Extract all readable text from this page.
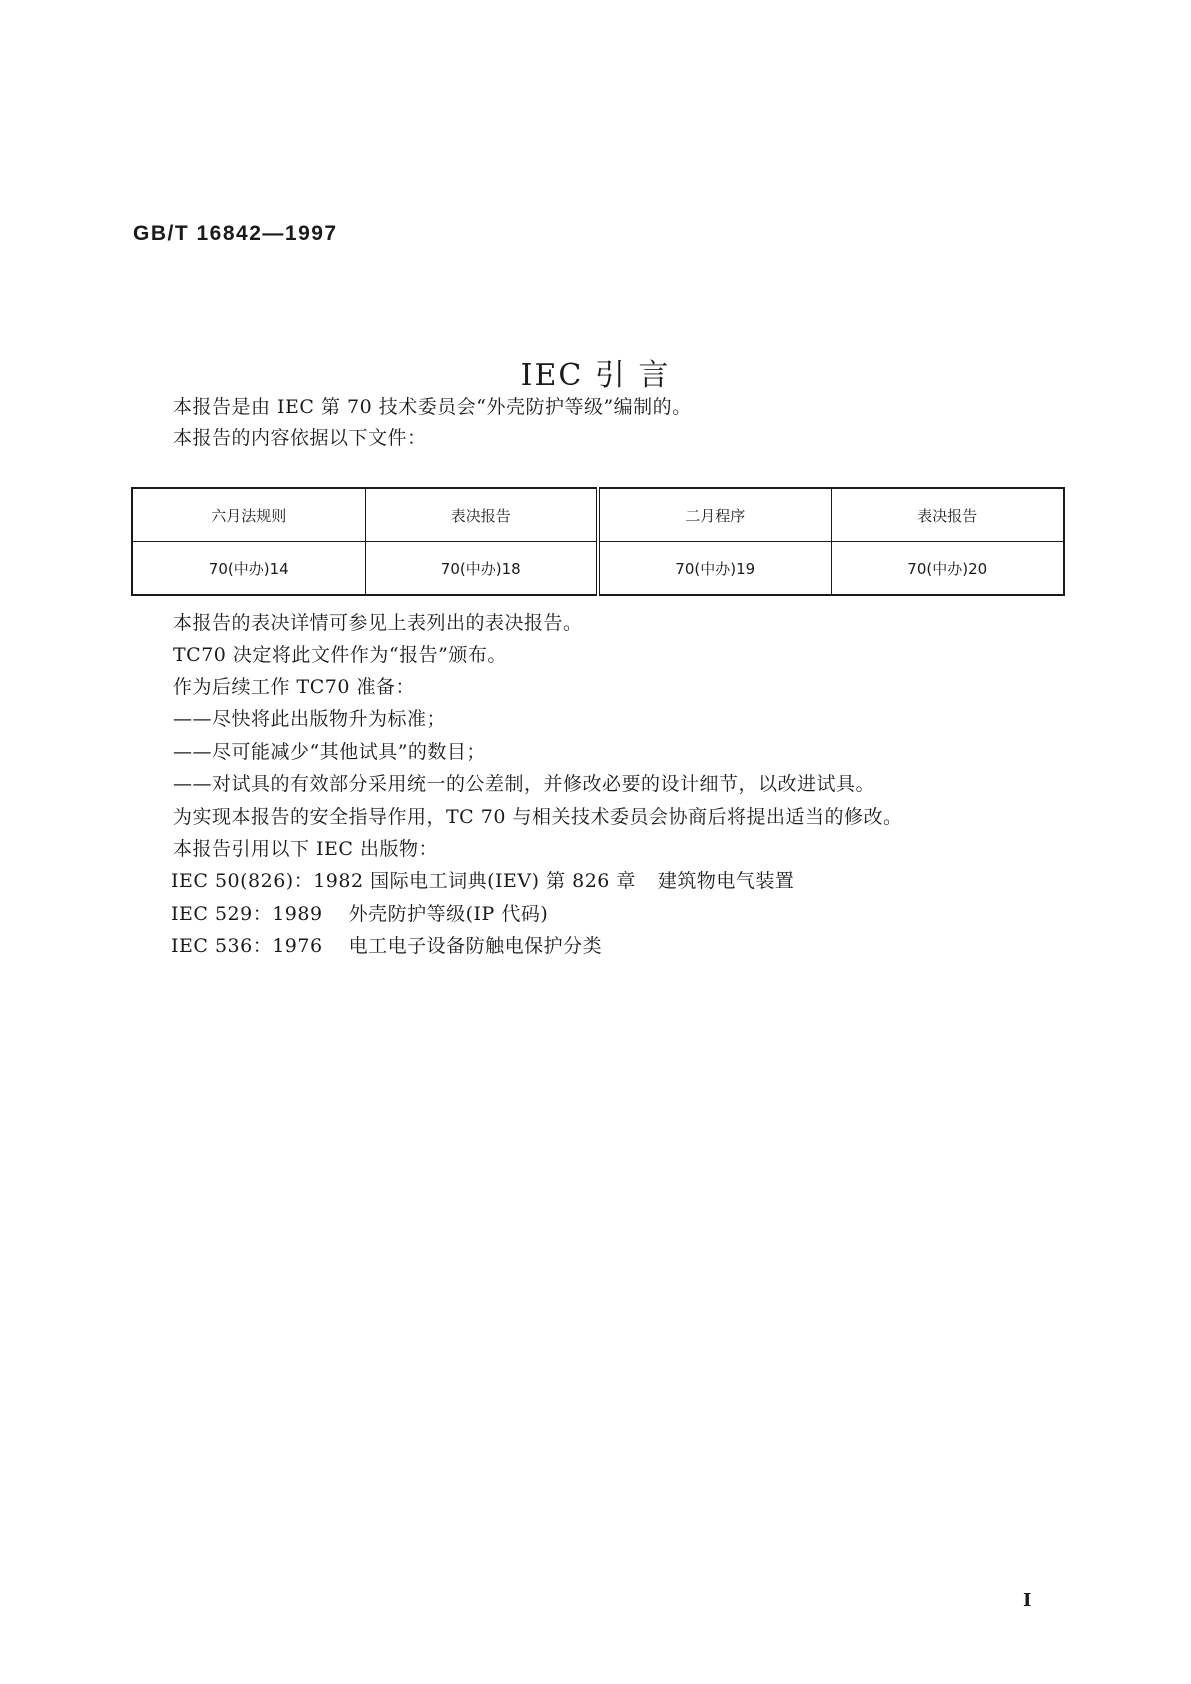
GB/T 16842—1997
IEC 引 言
本报告是由 IEC 第 70 技术委员会“外壳防护等级”编制的。
本报告的内容依据以下文件：
六月法规则	表决报告	二月程序	表决报告
70(中办)14	70(中办)18	70(中办)19	70(中办)20
本报告的表决详情可参见上表列出的表决报告。
TC70 决定将此文件作为“报告”颁布。
作为后续工作 TC70 准备：
——尽快将此出版物升为标准；
——尽可能减少“其他试具”的数目；
——对试具的有效部分采用统一的公差制，并修改必要的设计细节，以改进试具。
为实现本报告的安全指导作用，TC 70 与相关技术委员会协商后将提出适当的修改。
本报告引用以下 IEC 出版物：
IEC 50(826)：1982 国际电工词典(IEV) 第 826 章 建筑物电气装置
IEC 529：1989 外壳防护等级(IP 代码)
IEC 536：1976 电工电子设备防触电保护分类
I
